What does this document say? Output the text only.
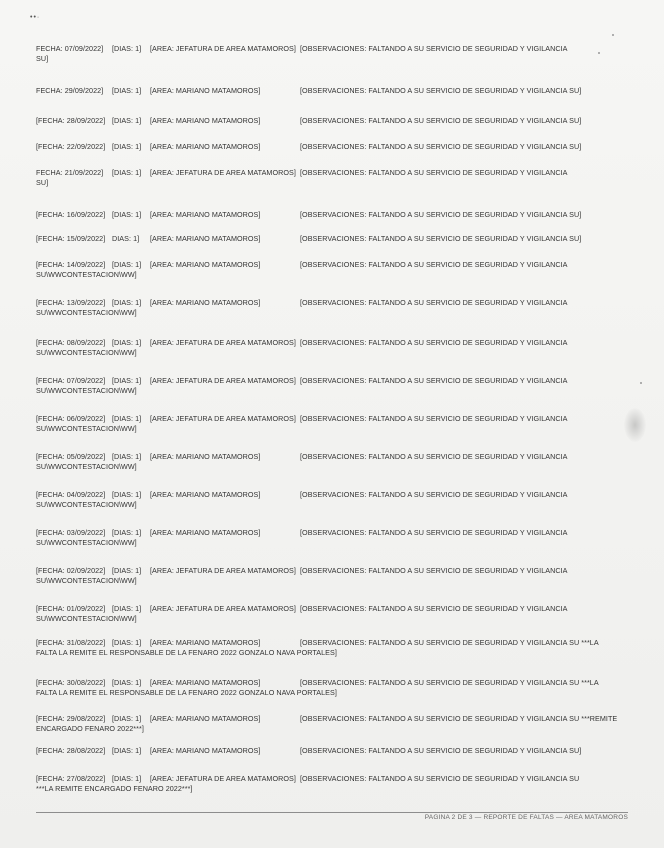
••·
FECHA: 07/09/2022] [DIAS: 1] [AREA: JEFATURA DE AREA MATAMOROS] [OBSERVACIONES: FALTANDO A SU SERVICIO DE SEGURIDAD Y VIGILANCIA
SU]
FECHA: 29/09/2022] [DIAS: 1] [AREA: MARIANO MATAMOROS]	[OBSERVACIONES: FALTANDO A SU SERVICIO DE SEGURIDAD Y VIGILANCIA SU]
[FECHA: 28/09/2022] [DIAS: 1] [AREA: MARIANO MATAMOROS]	[OBSERVACIONES: FALTANDO A SU SERVICIO DE SEGURIDAD Y VIGILANCIA SU]
[FECHA: 22/09/2022] [DIAS: 1] [AREA: MARIANO MATAMOROS]	[OBSERVACIONES: FALTANDO A SU SERVICIO DE SEGURIDAD Y VIGILANCIA SU]
FECHA: 21/09/2022] [DIAS: 1] [AREA: JEFATURA DE AREA MATAMOROS] [OBSERVACIONES: FALTANDO A SU SERVICIO DE SEGURIDAD Y VIGILANCIA
SU]
[FECHA: 16/09/2022] [DIAS: 1] [AREA: MARIANO MATAMOROS]	[OBSERVACIONES: FALTANDO A SU SERVICIO DE SEGURIDAD Y VIGILANCIA SU]
[FECHA: 15/09/2022] DIAS: 1] [AREA: MARIANO MATAMOROS]	[OBSERVACIONES: FALTANDO A SU SERVICIO DE SEGURIDAD Y VIGILANCIA SU]
[FECHA: 14/09/2022] [DIAS: 1] [AREA: MARIANO MATAMOROS]	[OBSERVACIONES: FALTANDO A SU SERVICIO DE SEGURIDAD Y VIGILANCIA
SU\WWCONTESTACION\WW]
[FECHA: 13/09/2022] [DIAS: 1] [AREA: MARIANO MATAMOROS]	[OBSERVACIONES: FALTANDO A SU SERVICIO DE SEGURIDAD Y VIGILANCIA
SU\WWCONTESTACION\WW]
[FECHA: 08/09/2022] [DIAS: 1] [AREA: JEFATURA DE AREA MATAMOROS] [OBSERVACIONES: FALTANDO A SU SERVICIO DE SEGURIDAD Y VIGILANCIA
SU\WWCONTESTACION\WW]
[FECHA: 07/09/2022] [DIAS: 1] [AREA: JEFATURA DE AREA MATAMOROS] [OBSERVACIONES: FALTANDO A SU SERVICIO DE SEGURIDAD Y VIGILANCIA
SU\WWCONTESTACION\WW]
[FECHA: 06/09/2022] [DIAS: 1] [AREA: JEFATURA DE AREA MATAMOROS] [OBSERVACIONES: FALTANDO A SU SERVICIO DE SEGURIDAD Y VIGILANCIA
SU\WWCONTESTACION\WW]
[FECHA: 05/09/2022] [DIAS: 1] [AREA: MARIANO MATAMOROS]	[OBSERVACIONES: FALTANDO A SU SERVICIO DE SEGURIDAD Y VIGILANCIA
SU\WWCONTESTACION\WW]
[FECHA: 04/09/2022] [DIAS: 1] [AREA: MARIANO MATAMOROS]	[OBSERVACIONES: FALTANDO A SU SERVICIO DE SEGURIDAD Y VIGILANCIA
SU\WWCONTESTACION\WW]
[FECHA: 03/09/2022] [DIAS: 1] [AREA: MARIANO MATAMOROS]	[OBSERVACIONES: FALTANDO A SU SERVICIO DE SEGURIDAD Y VIGILANCIA
SU\WWCONTESTACION\WW]
[FECHA: 02/09/2022] [DIAS: 1] [AREA: JEFATURA DE AREA MATAMOROS] [OBSERVACIONES: FALTANDO A SU SERVICIO DE SEGURIDAD Y VIGILANCIA
SU\WWCONTESTACION\WW]
[FECHA: 01/09/2022] [DIAS: 1] [AREA: JEFATURA DE AREA MATAMOROS] [OBSERVACIONES: FALTANDO A SU SERVICIO DE SEGURIDAD Y VIGILANCIA
SU\WWCONTESTACION\WW]
[FECHA: 31/08/2022] [DIAS: 1] [AREA: MARIANO MATAMOROS]	[OBSERVACIONES: FALTANDO A SU SERVICIO DE SEGURIDAD Y VIGILANCIA SU ***LA
FALTA LA REMITE EL RESPONSABLE DE LA FENARO 2022 GONZALO NAVA PORTALES]
[FECHA: 30/08/2022] [DIAS: 1] [AREA: MARIANO MATAMOROS]	[OBSERVACIONES: FALTANDO A SU SERVICIO DE SEGURIDAD Y VIGILANCIA SU ***LA
FALTA LA REMITE EL RESPONSABLE DE LA FENARO 2022 GONZALO NAVA PORTALES]
[FECHA: 29/08/2022] [DIAS: 1] [AREA: MARIANO MATAMOROS]	[OBSERVACIONES: FALTANDO A SU SERVICIO DE SEGURIDAD Y VIGILANCIA SU ***REMITE
ENCARGADO FENARO 2022***]
[FECHA: 28/08/2022] [DIAS: 1] [AREA: MARIANO MATAMOROS]	[OBSERVACIONES: FALTANDO A SU SERVICIO DE SEGURIDAD Y VIGILANCIA SU]
[FECHA: 27/08/2022] [DIAS: 1] [AREA: JEFATURA DE AREA MATAMOROS] [OBSERVACIONES: FALTANDO A SU SERVICIO DE SEGURIDAD Y VIGILANCIA SU
***LA REMITE ENCARGADO FENARO 2022***]
PAGINA 2 DE 3 — REPORTE DE FALTAS — AREA MATAMOROS
